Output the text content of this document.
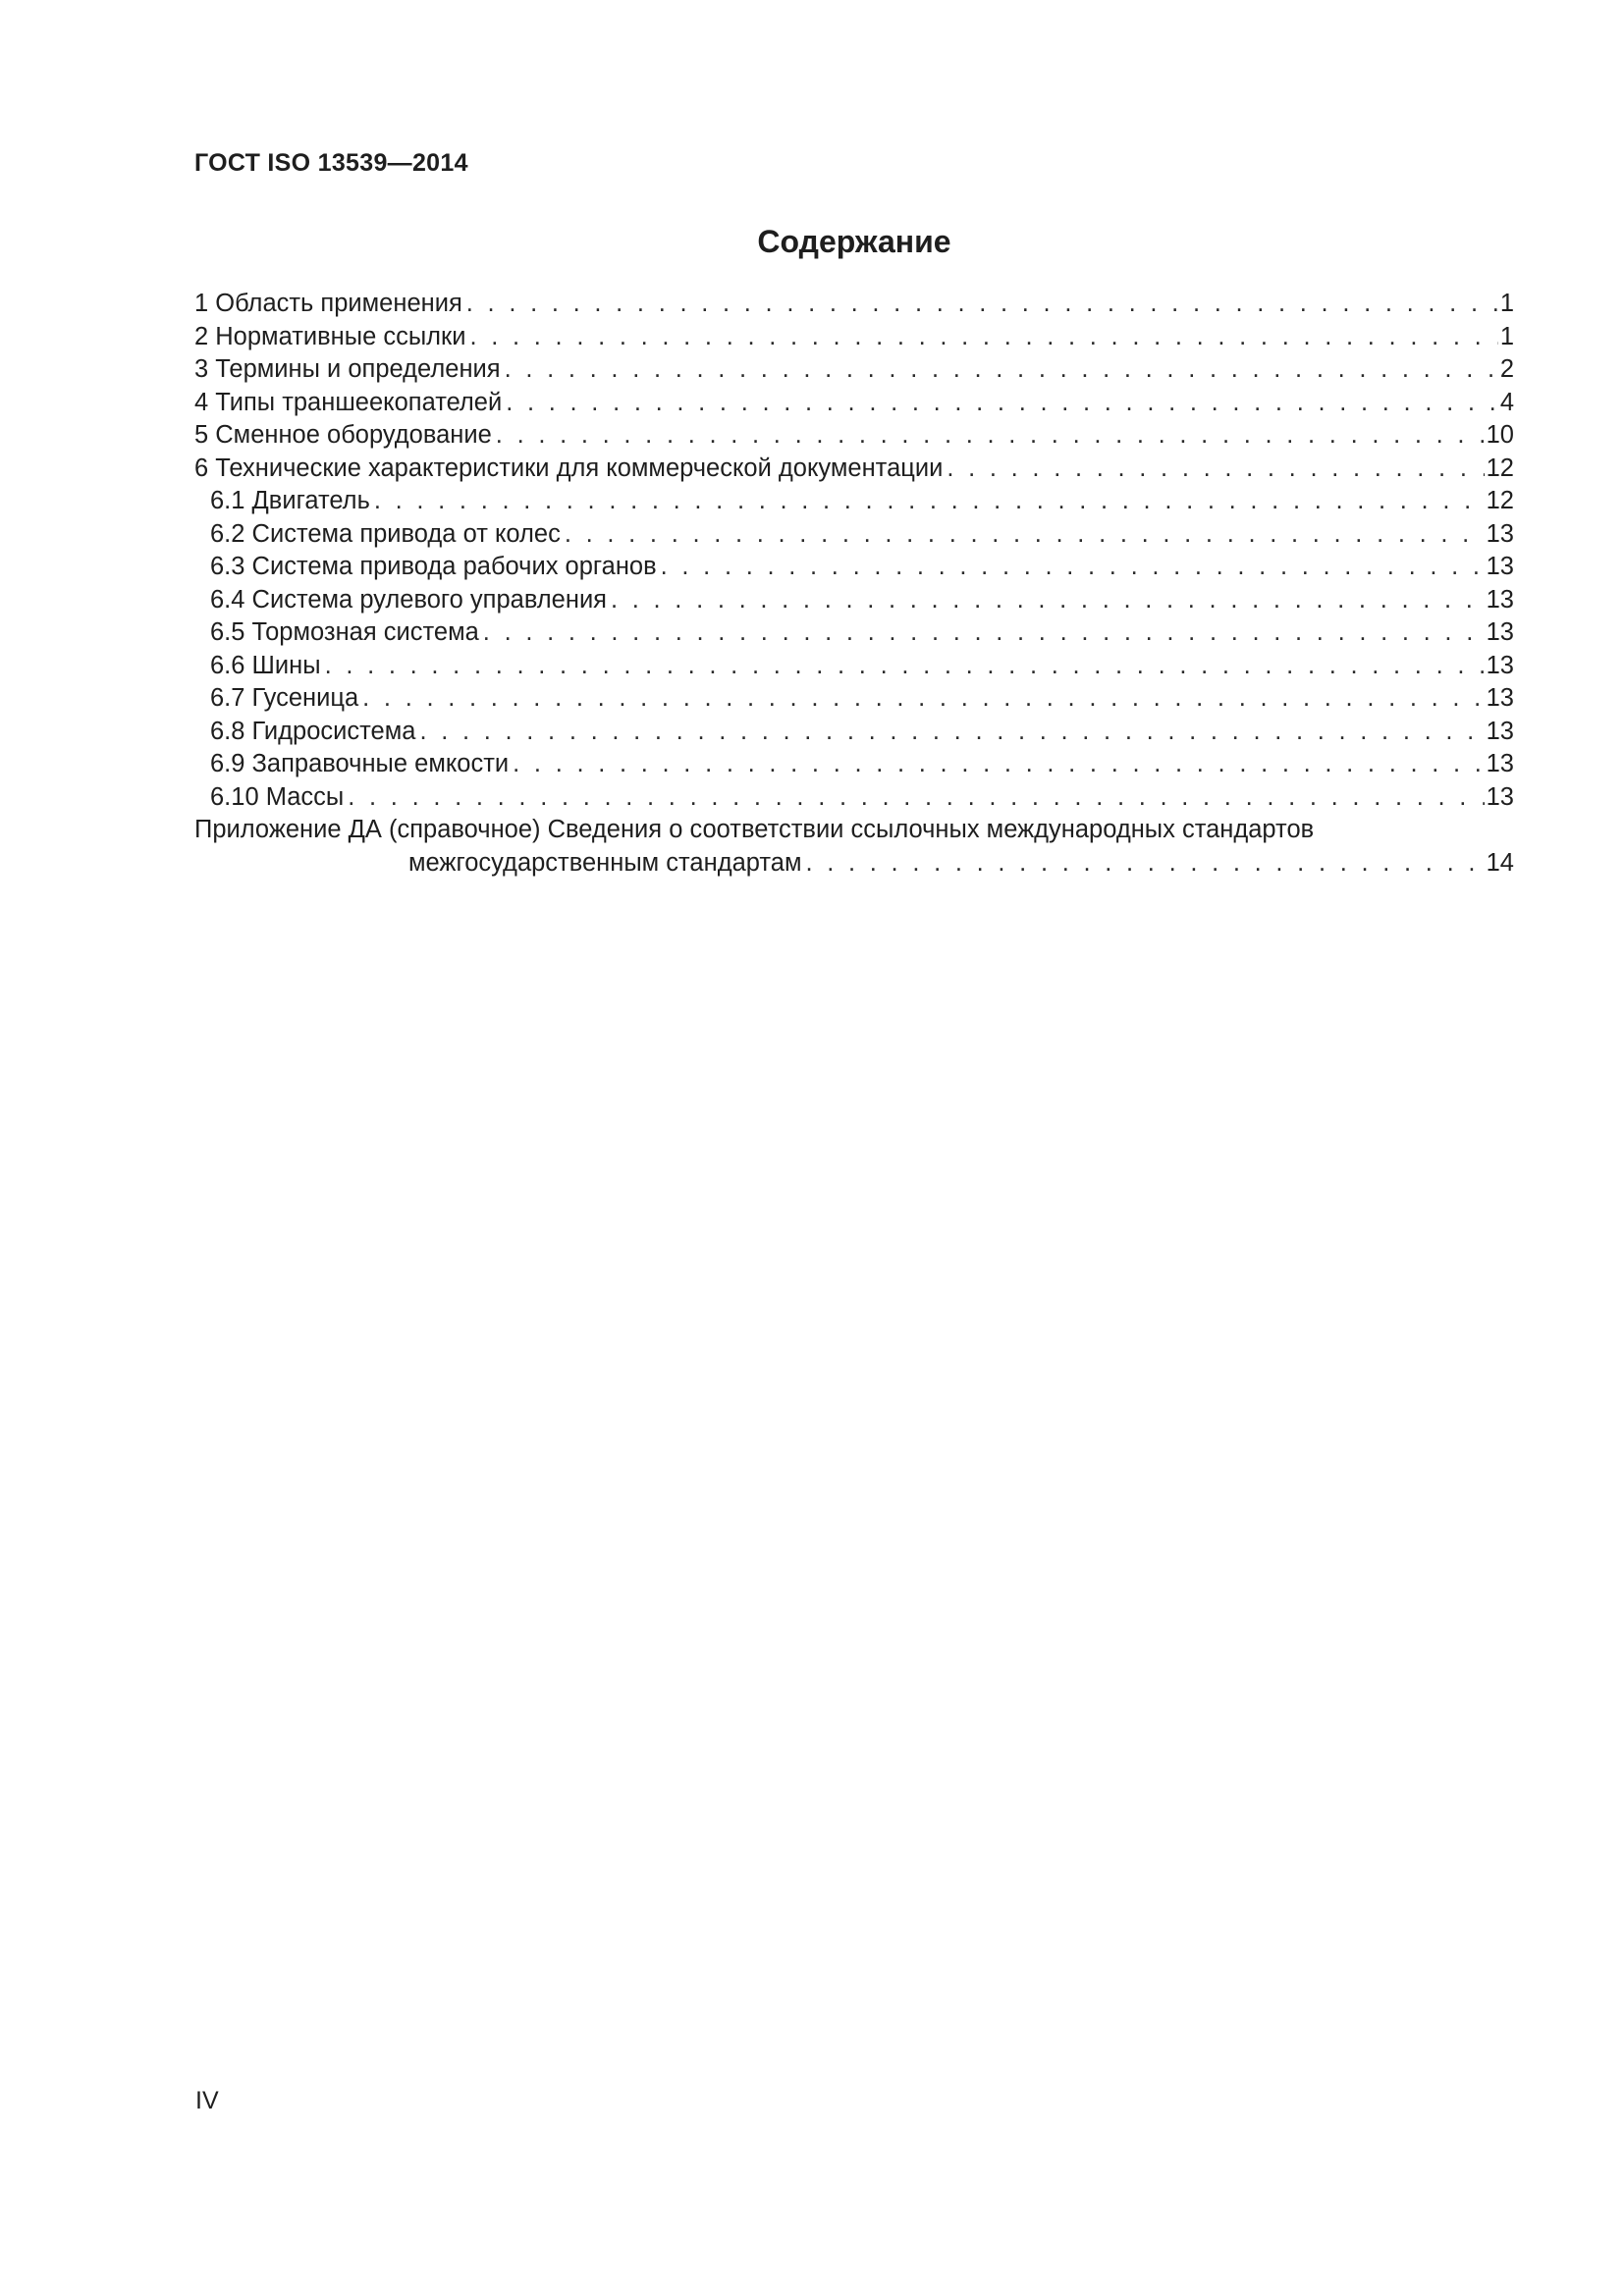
ГОСТ ISO 13539—2014
Содержание
1 Область применения . . .	1
2 Нормативные ссылки . . .	1
3 Термины и определения . . .	2
4 Типы траншеекопателей . . .	4
5 Сменное оборудование . . .	10
6 Технические характеристики для коммерческой документации . . .	12
6.1 Двигатель . . .	12
6.2 Система привода от колес . . .	13
6.3 Система привода рабочих органов . . .	13
6.4 Система рулевого управления . . .	13
6.5 Тормозная система . . .	13
6.6 Шины . . .	13
6.7 Гусеница . . .	13
6.8 Гидросистема . . .	13
6.9 Заправочные емкости . . .	13
6.10 Массы . . .	13
Приложение ДА (справочное) Сведения о соответствии ссылочных международных стандартов
межгосударственным стандартам . . .	14
IV
